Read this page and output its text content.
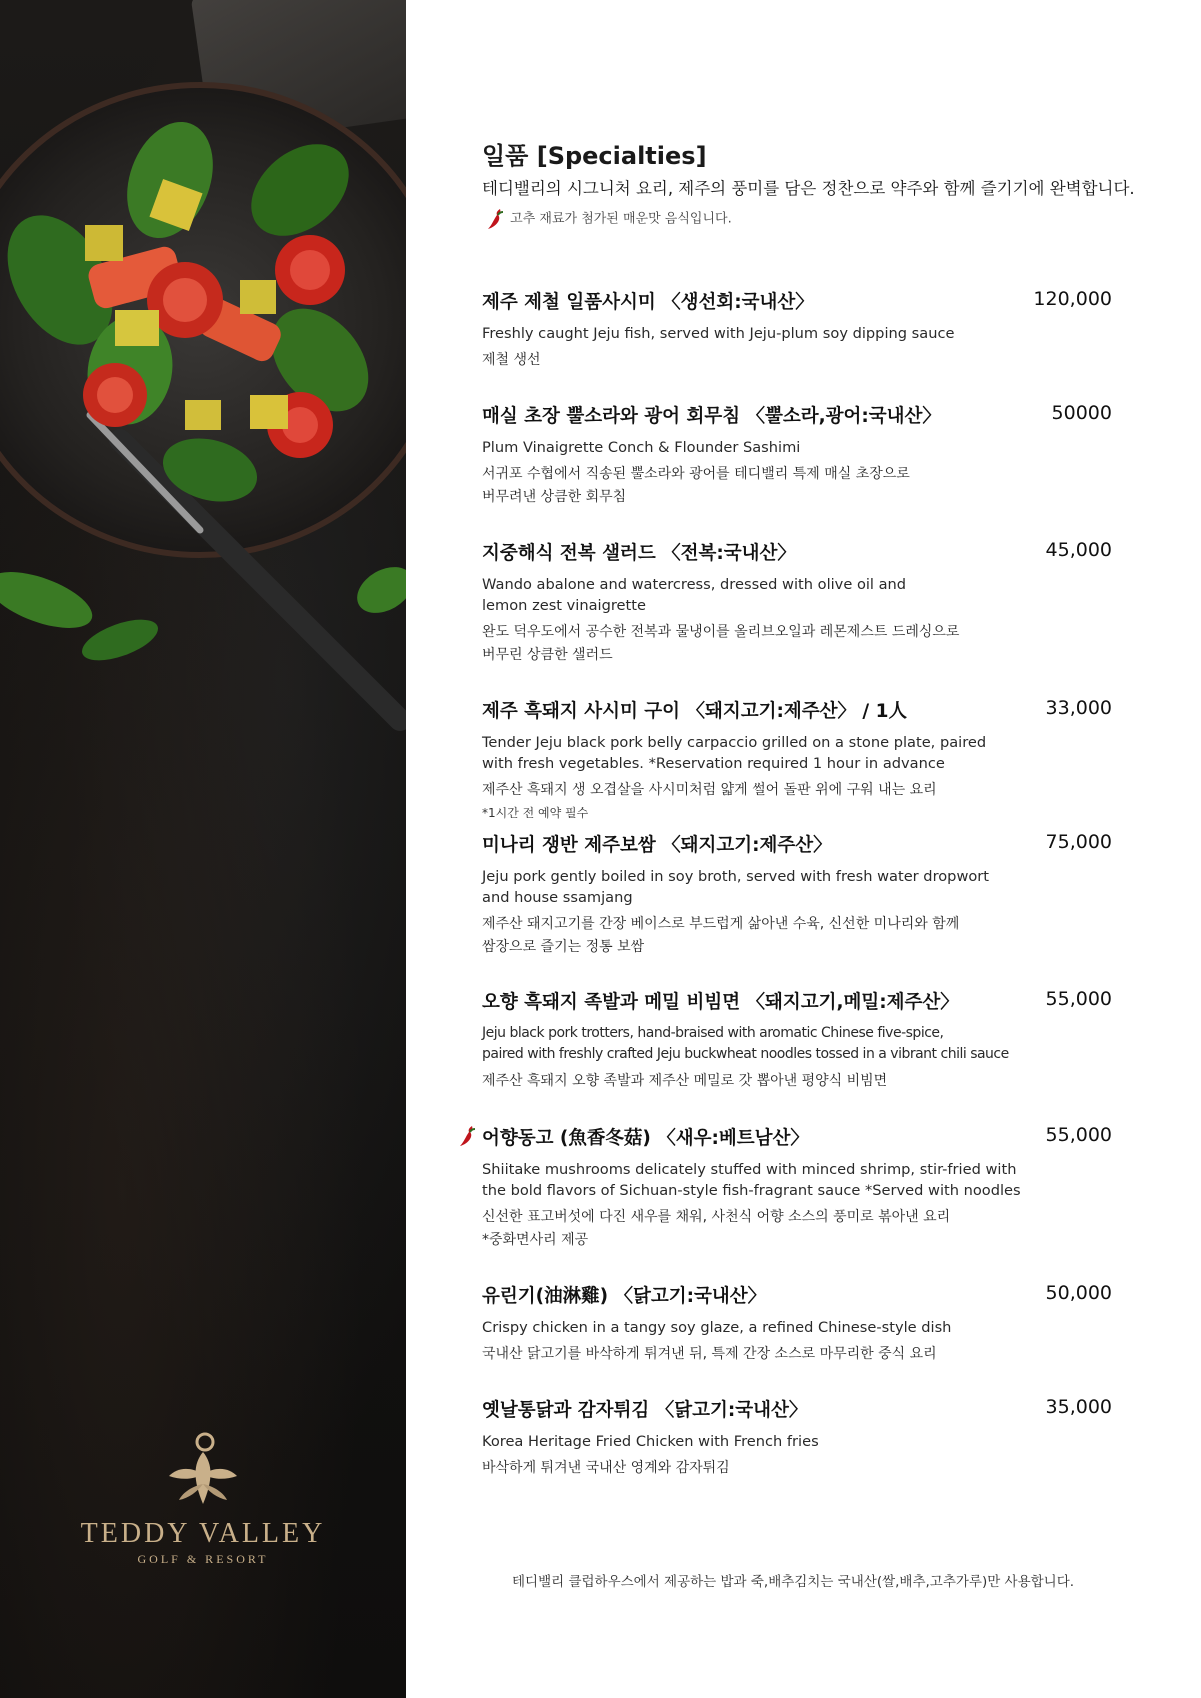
TEDDY VALLEY
GOLF & RESORT
일품 [Specialties]
테디밸리의 시그니처 요리, 제주의 풍미를 담은 정찬으로 약주와 함께 즐기기에 완벽합니다.
고추 재료가 첨가된 매운맛 음식입니다.
제주 제철 일품사시미 〈생선회:국내산〉	120,000
Freshly caught Jeju fish, served with Jeju-plum soy dipping sauce
제철 생선
매실 초장 뿔소라와 광어 회무침 〈뿔소라,광어:국내산〉	50000
Plum Vinaigrette Conch & Flounder Sashimi
서귀포 수협에서 직송된 뿔소라와 광어를 테디밸리 특제 매실 초장으로
버무려낸 상큼한 회무침
지중해식 전복 샐러드 〈전복:국내산〉	45,000
Wando abalone and watercress, dressed with olive oil and
lemon zest vinaigrette
완도 덕우도에서 공수한 전복과 물냉이를 올리브오일과 레몬제스트 드레싱으로
버무린 상큼한 샐러드
제주 흑돼지 사시미 구이 〈돼지고기:제주산〉 / 1人	33,000
Tender Jeju black pork belly carpaccio grilled on a stone plate, paired
with fresh vegetables. *Reservation required 1 hour in advance
제주산 흑돼지 생 오겹살을 사시미처럼 얇게 썰어 돌판 위에 구워 내는 요리
*1시간 전 예약 필수
미나리 쟁반 제주보쌈 〈돼지고기:제주산〉	75,000
Jeju pork gently boiled in soy broth, served with fresh water dropwort
and house ssamjang
제주산 돼지고기를 간장 베이스로 부드럽게 삶아낸 수육, 신선한 미나리와 함께
쌈장으로 즐기는 정통 보쌈
오향 흑돼지 족발과 메밀 비빔면 〈돼지고기,메밀:제주산〉	55,000
Jeju black pork trotters, hand-braised with aromatic Chinese five-spice,
paired with freshly crafted Jeju buckwheat noodles tossed in a vibrant chili sauce
제주산 흑돼지 오향 족발과 제주산 메밀로 갓 뽑아낸 평양식 비빔면
어향동고 (魚香冬菇) 〈새우:베트남산〉	55,000
Shiitake mushrooms delicately stuffed with minced shrimp, stir-fried with
the bold flavors of Sichuan-style fish-fragrant sauce *Served with noodles
신선한 표고버섯에 다진 새우를 채워, 사천식 어향 소스의 풍미로 볶아낸 요리
*중화면사리 제공
유린기(油淋雞) 〈닭고기:국내산〉	50,000
Crispy chicken in a tangy soy glaze, a refined Chinese-style dish
국내산 닭고기를 바삭하게 튀겨낸 뒤, 특제 간장 소스로 마무리한 중식 요리
옛날통닭과 감자튀김 〈닭고기:국내산〉	35,000
Korea Heritage Fried Chicken with French fries
바삭하게 튀겨낸 국내산 영계와 감자튀김
테디밸리 클럽하우스에서 제공하는 밥과 죽,배추김치는 국내산(쌀,배추,고추가루)만 사용합니다.
